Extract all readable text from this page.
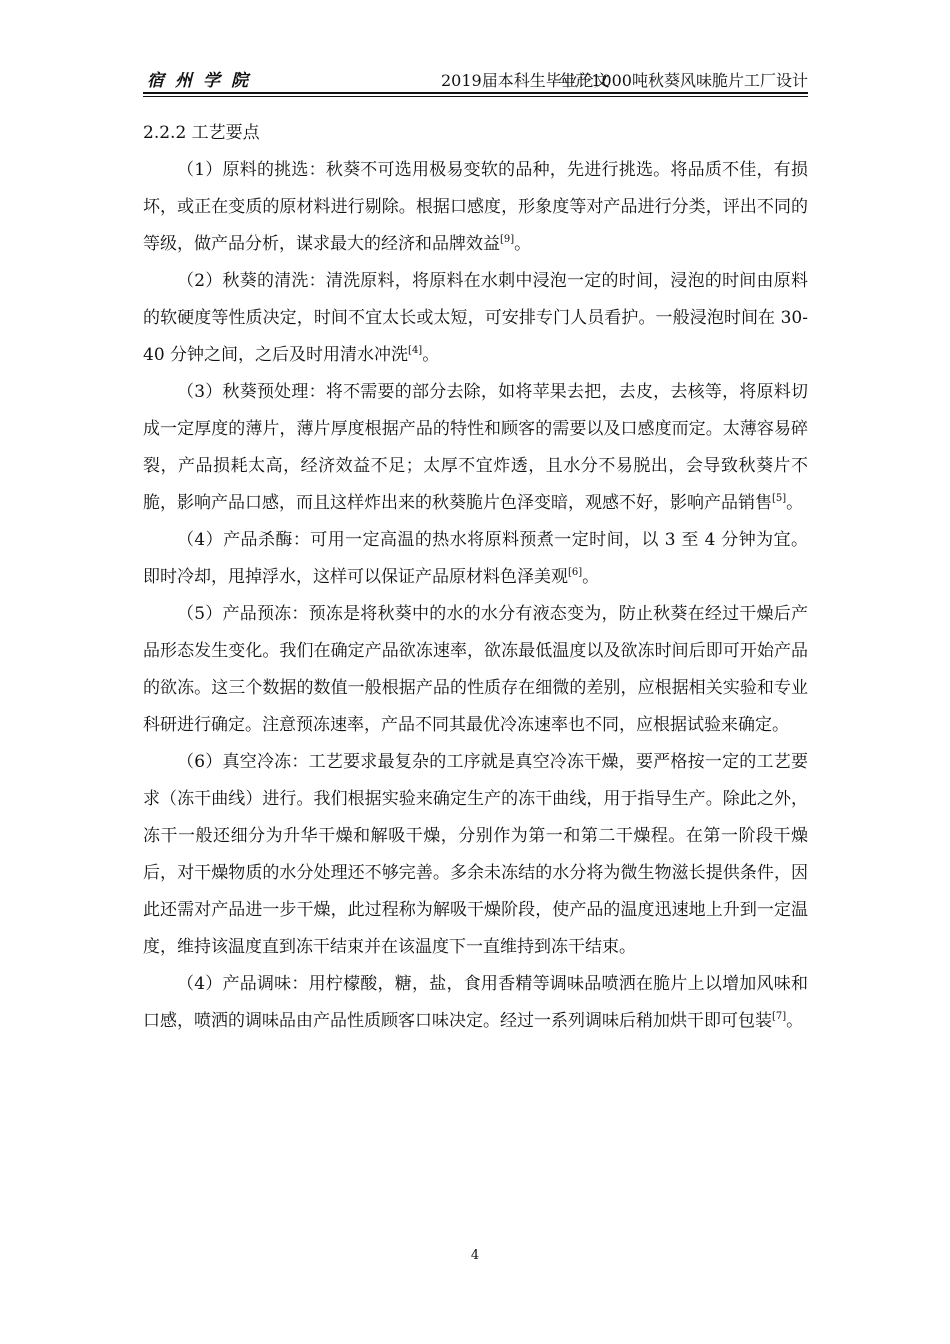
宿州学院	2019届本科生毕业论文
年产1000吨秋葵风味脆片工厂设计

2.2.2 工艺要点

（1）原料的挑选：秋葵不可选用极易变软的品种，先进行挑选。将品质不佳，有损坏，或正在变质的原材料进行剔除。根据口感度，形象度等对产品进行分类，评出不同的等级，做产品分析，谋求最大的经济和品牌效益[9]。

（2）秋葵的清洗：清洗原料，将原料在水刺中浸泡一定的时间，浸泡的时间由原料的软硬度等性质决定，时间不宜太长或太短，可安排专门人员看护。一般浸泡时间在 30-40 分钟之间，之后及时用清水冲洗[4]。

（3）秋葵预处理：将不需要的部分去除，如将苹果去把，去皮，去核等，将原料切成一定厚度的薄片，薄片厚度根据产品的特性和顾客的需要以及口感度而定。太薄容易碎裂，产品损耗太高，经济效益不足；太厚不宜炸透，且水分不易脱出，会导致秋葵片不脆，影响产品口感，而且这样炸出来的秋葵脆片色泽变暗，观感不好，影响产品销售[5]。

（4）产品杀酶：可用一定高温的热水将原料预煮一定时间，以 3 至 4 分钟为宜。即时冷却，甩掉浮水，这样可以保证产品原材料色泽美观[6]。

（5）产品预冻：预冻是将秋葵中的水的水分有液态变为，防止秋葵在经过干燥后产品形态发生变化。我们在确定产品欲冻速率，欲冻最低温度以及欲冻时间后即可开始产品的欲冻。这三个数据的数值一般根据产品的性质存在细微的差别，应根据相关实验和专业科研进行确定。注意预冻速率，产品不同其最优冷冻速率也不同，应根据试验来确定。

（6）真空冷冻：工艺要求最复杂的工序就是真空冷冻干燥，要严格按一定的工艺要求（冻干曲线）进行。我们根据实验来确定生产的冻干曲线，用于指导生产。除此之外，冻干一般还细分为升华干燥和解吸干燥，分别作为第一和第二干燥程。在第一阶段干燥后，对干燥物质的水分处理还不够完善。多余未冻结的水分将为微生物滋长提供条件，因此还需对产品进一步干燥，此过程称为解吸干燥阶段，使产品的温度迅速地上升到一定温度，维持该温度直到冻干结束并在该温度下一直维持到冻干结束。

（4）产品调味：用柠檬酸，糖，盐，食用香精等调味品喷洒在脆片上以增加风味和口感，喷洒的调味品由产品性质顾客口味决定。经过一系列调味后稍加烘干即可包装[7]。

4
